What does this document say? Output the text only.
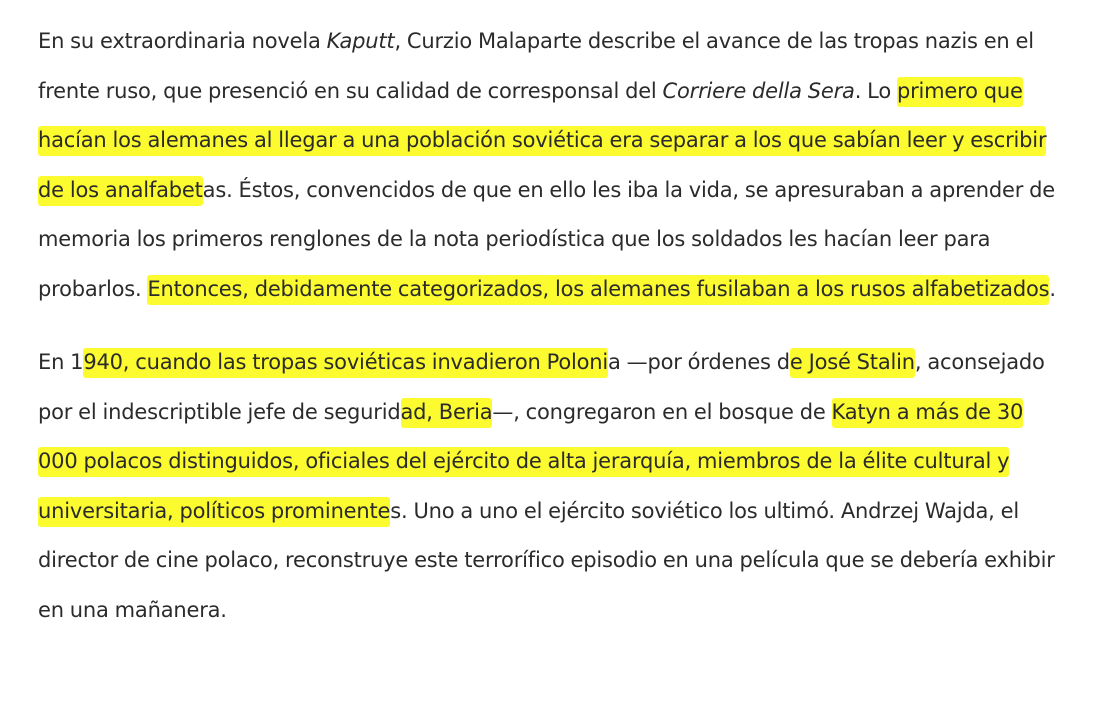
En su extraordinaria novela Kaputt, Curzio Malaparte describe el avance de las tropas nazis en el frente ruso, que presenció en su calidad de corresponsal del Corriere della Sera. Lo primero que hacían los alemanes al llegar a una población soviética era separar a los que sabían leer y escribir de los analfabetas. Éstos, convencidos de que en ello les iba la vida, se apresuraban a aprender de memoria los primeros renglones de la nota periodística que los soldados les hacían leer para probarlos. Entonces, debidamente categorizados, los alemanes fusilaban a los rusos alfabetizados.

En 1940, cuando las tropas soviéticas invadieron Polonia —por órdenes de José Stalin, aconsejado por el indescriptible jefe de seguridad, Beria—, congregaron en el bosque de Katyn a más de 30 000 polacos distinguidos, oficiales del ejército de alta jerarquía, miembros de la élite cultural y universitaria, políticos prominentes. Uno a uno el ejército soviético los ultimó. Andrzej Wajda, el director de cine polaco, reconstruye este terrorífico episodio en una película que se debería exhibir en una mañanera.
